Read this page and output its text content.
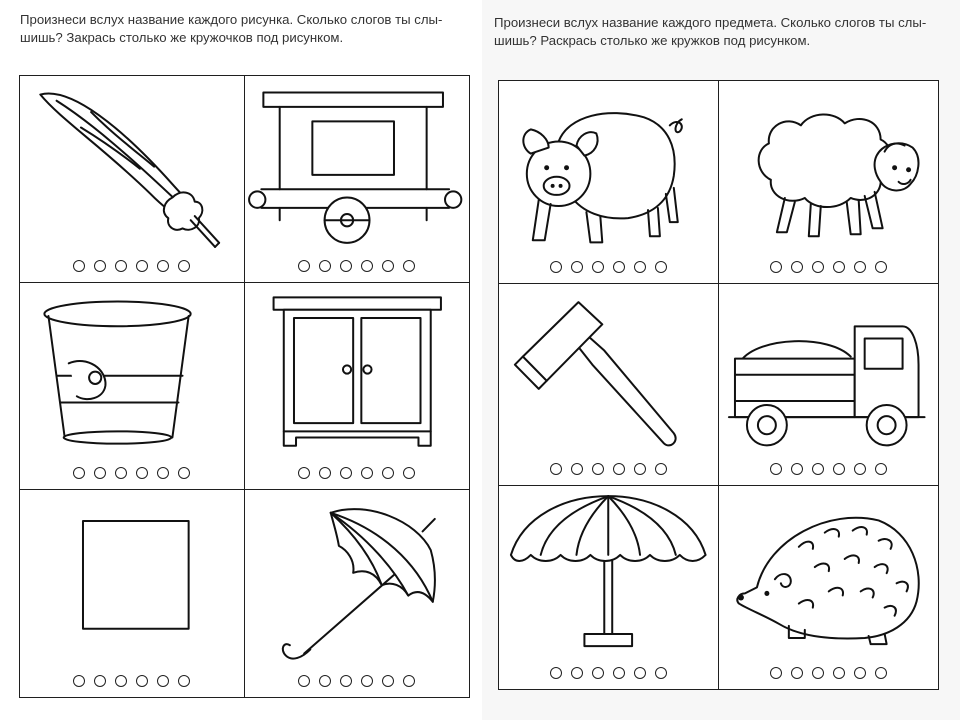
Произнеси вслух название каждого рисунка. Сколько слогов ты слы-шишь? Закрась столько же кружочков под рисунком.

Произнеси вслух название каждого предмета. Сколько слогов ты слы-шишь? Раскрась столько же кружков под рисунком.
